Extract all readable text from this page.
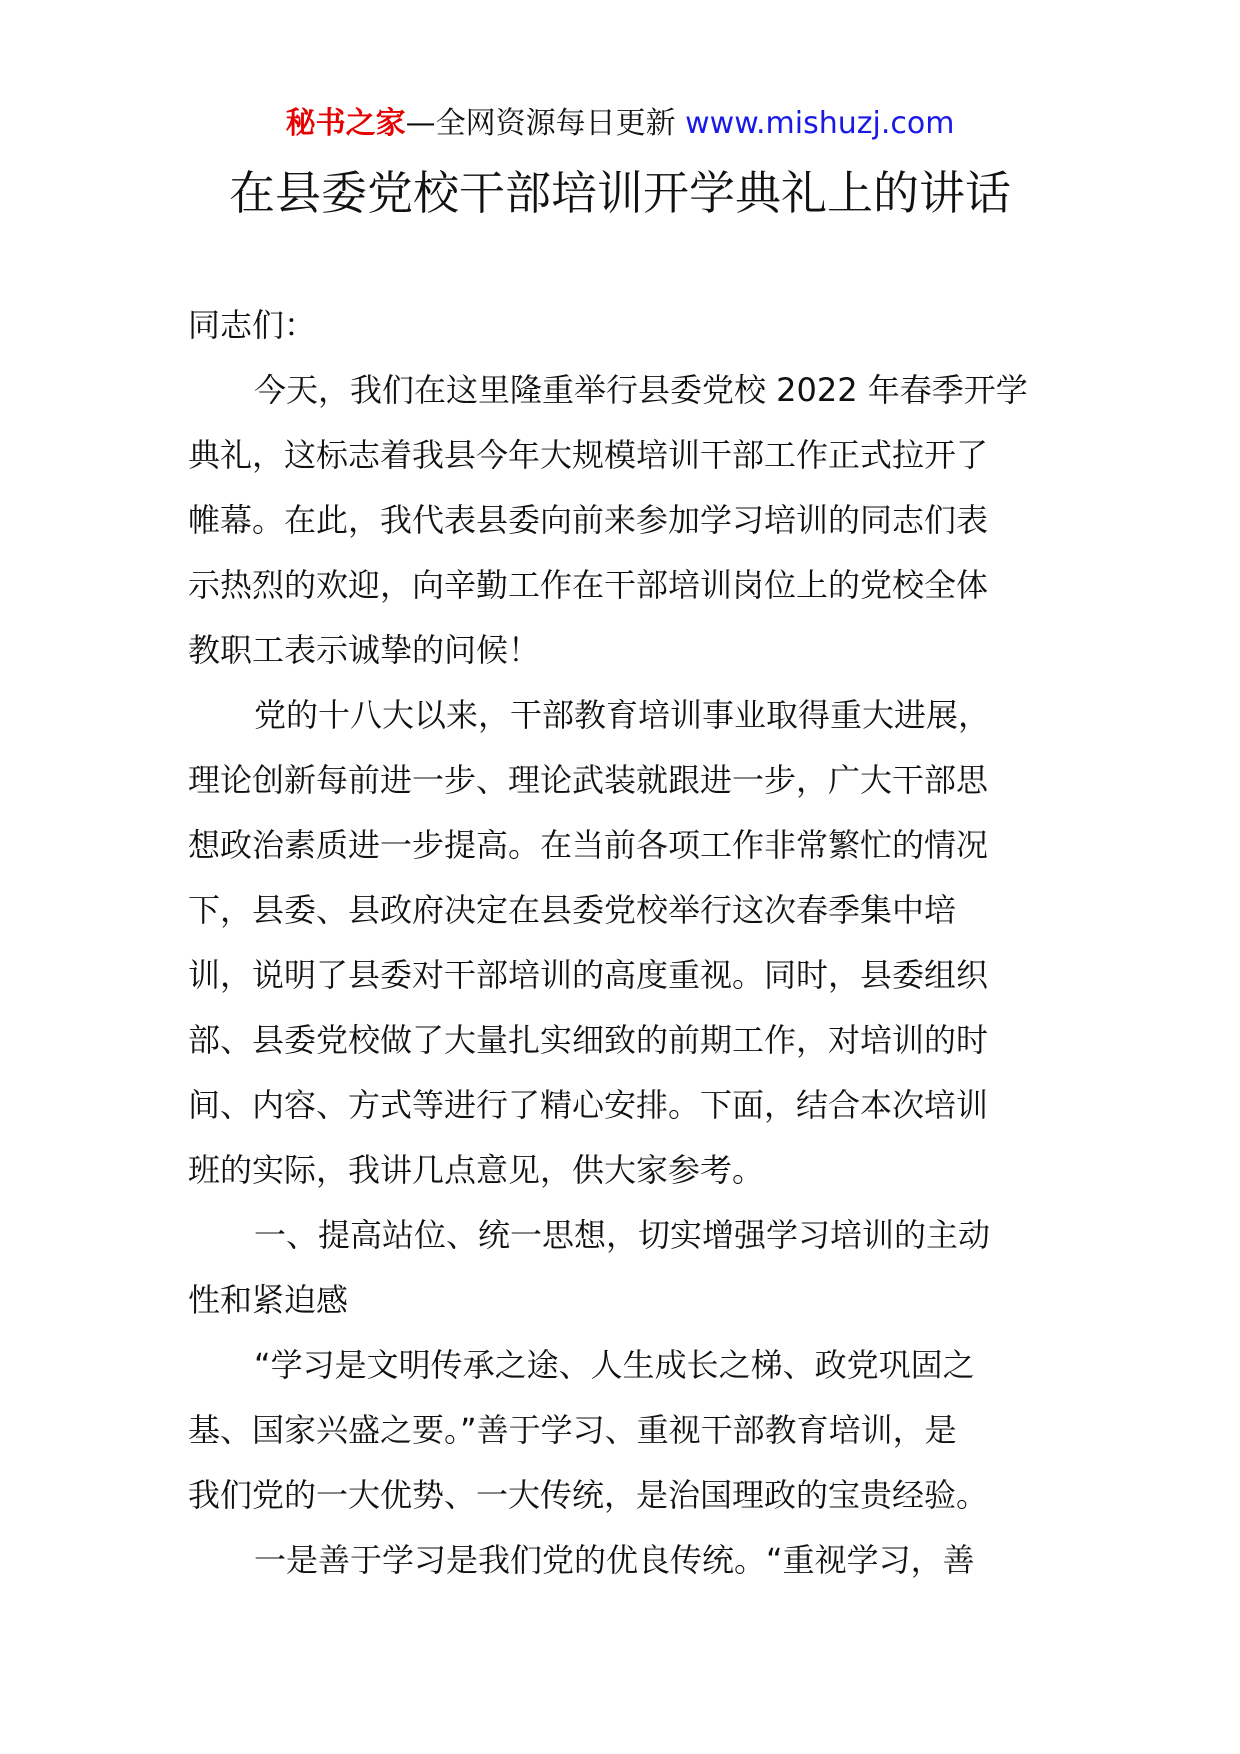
秘书之家—全网资源每日更新 www.mishuzj.com
在县委党校干部培训开学典礼上的讲话

同志们：

今天，我们在这里隆重举行县委党校 2022 年春季开学

典礼，这标志着我县今年大规模培训干部工作正式拉开了

帷幕。在此，我代表县委向前来参加学习培训的同志们表

示热烈的欢迎，向辛勤工作在干部培训岗位上的党校全体

教职工表示诚挚的问候！

党的十八大以来，干部教育培训事业取得重大进展，

理论创新每前进一步、理论武装就跟进一步，广大干部思

想政治素质进一步提高。在当前各项工作非常繁忙的情况

下，县委、县政府决定在县委党校举行这次春季集中培

训，说明了县委对干部培训的高度重视。同时，县委组织

部、县委党校做了大量扎实细致的前期工作，对培训的时

间、内容、方式等进行了精心安排。下面，结合本次培训

班的实际，我讲几点意见，供大家参考。

一、提高站位、统一思想，切实增强学习培训的主动

性和紧迫感

“学习是文明传承之途、人生成长之梯、政党巩固之

基、国家兴盛之要。”善于学习、重视干部教育培训，是

我们党的一大优势、一大传统，是治国理政的宝贵经验。

一是善于学习是我们党的优良传统。“重视学习，善
